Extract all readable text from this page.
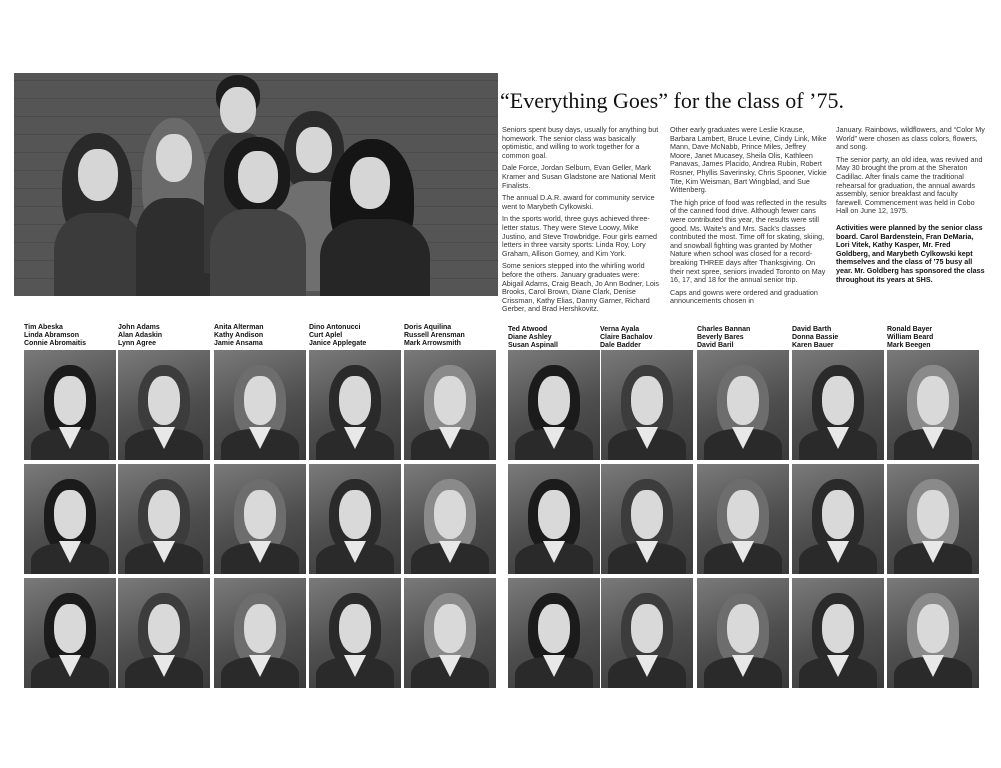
“Everything Goes” for the class of ’75.

Seniors spent busy days, usually for anything but homework. The senior class was basically optimistic, and willing to work together for a common goal.

Dale Force, Jordan Selburn, Evan Geller, Mark Kramer and Susan Gladstone are National Merit Finalists.

The annual D.A.R. award for community service went to Marybeth Cylkowski.

In the sports world, three guys achieved three-letter status. They were Steve Loowy, Mike Justino, and Steve Trowbridge. Four girls earned letters in three varsity sports: Linda Roy, Lory Graham, Allison Gorney, and Kim York.

Some seniors stepped into the whirling world before the others. January graduates were: Abigail Adams, Craig Beach, Jo Ann Bodner, Lois Brooks, Carol Brown, Diane Clark, Denise Crissman, Kathy Elias, Danny Garner, Richard Gerber, and Brad Hershkovitz.

Other early graduates were Leslie Krause, Barbara Lambert, Bruce Levine, Cindy Link, Mike Mann, Dave McNabb, Prince Miles, Jeffrey Moore, Janet Mucasey, Sheila Olis, Kathleen Panavas, James Placido, Andrea Rubin, Robert Rosner, Phyllis Saverinsky, Chris Spooner, Vickie Tite, Kim Weisman, Bart Wingblad, and Sue Wittenberg.

The high price of food was reflected in the results of the canned food drive. Although fewer cans were contributed this year, the results were still good. Ms. Waite's and Mrs. Sack's classes contributed the most. Time off for skating, skiing, and snowball fighting was granted by Mother Nature when school was closed for a record-breaking THREE days after Thanksgiving. On their next spree, seniors invaded Toronto on May 16, 17, and 18 for the annual senior trip.

Caps and gowns were ordered and graduation announcements chosen in

January. Rainbows, wildflowers, and “Color My World” were chosen as class colors, flowers, and song.

The senior party, an old idea, was revived and May 30 brought the prom at the Sheraton Cadillac. After finals came the traditional rehearsal for graduation, the annual awards assembly, senior breakfast and faculty farewell. Commencement was held in Cobo Hall on June 12, 1975.

Activities were planned by the senior class board. Carol Bardenstein, Fran DeMaria, Lori Vitek, Kathy Kasper, Mr. Fred Goldberg, and Marybeth Cylkowski kept themselves and the class of ’75 busy all year. Mr. Goldberg has sponsored the class throughout its years at SHS.

Tim Abeska
Linda Abramson
Connie Abromaitis
John Adams
Alan Adaskin
Lynn Agree
Anita Alterman
Kathy Andison
Jamie Ansama
Dino Antonucci
Curt Aplel
Janice Applegate
Doris Aquilina
Russell Arensman
Mark Arrowsmith
Ted Atwood
Diane Ashley
Susan Aspinall
Verna Ayala
Claire Bachalov
Dale Badder
Charles Bannan
Beverly Bares
David Baril
David Barth
Donna Bassie
Karen Bauer
Ronald Bayer
William Beard
Mark Beegen
